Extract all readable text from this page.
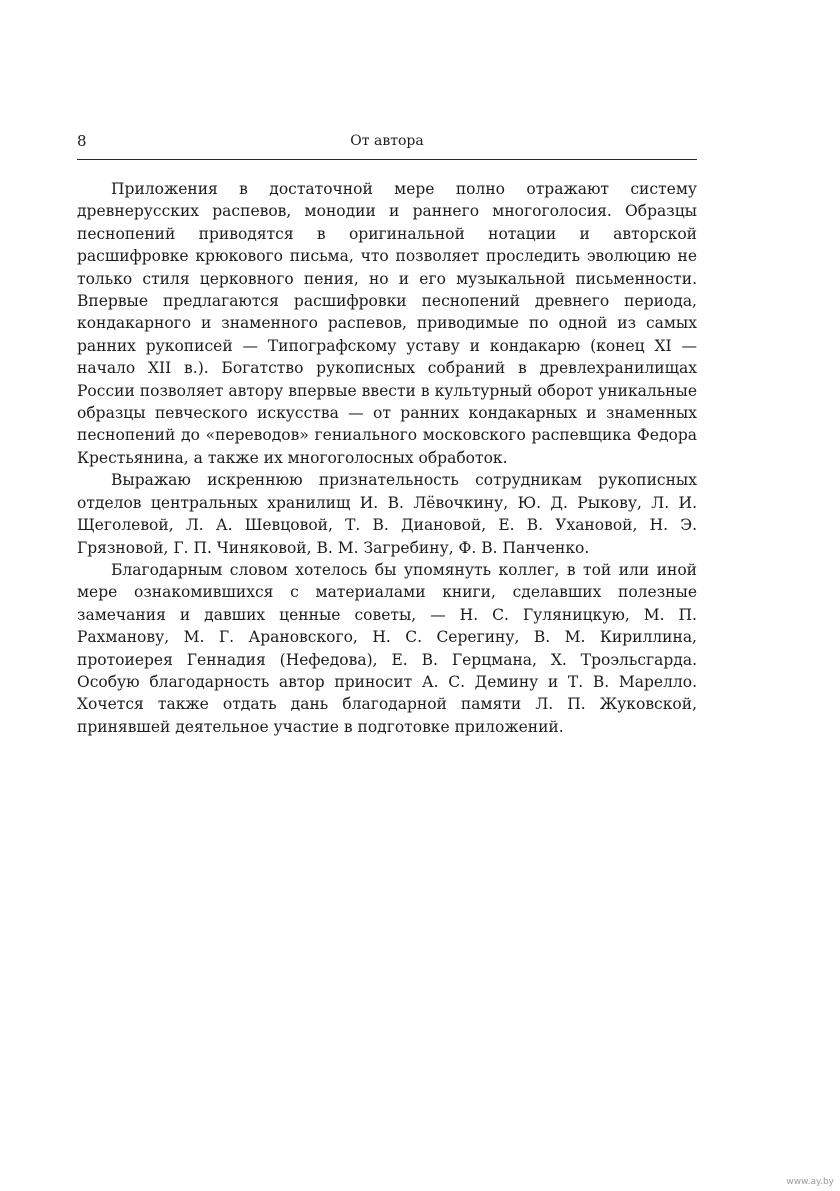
8	От автора

Приложения в достаточной мере полно отражают систему древнерусских распевов, монодии и раннего многоголосия. Образцы песнопений приводятся в оригинальной нотации и авторской расшифровке крюкового письма, что позволяет проследить эволюцию не только стиля церковного пения, но и его музыкальной письменности. Впервые предлагаются расшифровки песнопений древнего периода, кондакарного и знаменного распевов, приводимые по одной из самых ранних рукописей — Типографскому уставу и кондакарю (конец XI — начало XII в.). Богатство рукописных собраний в древлехранилищах России позволяет автору впервые ввести в культурный оборот уникальные образцы певческого искусства — от ранних кондакарных и знаменных песнопений до «переводов» гениального московского распевщика Федора Крестьянина, а также их многоголосных обработок.

Выражаю искреннюю признательность сотрудникам рукописных отделов центральных хранилищ И. В. Лёвочкину, Ю. Д. Рыкову, Л. И. Щеголевой, Л. А. Шевцовой, Т. В. Диановой, Е. В. Ухановой, Н. Э. Грязновой, Г. П. Чиняковой, В. М. Загребину, Ф. В. Панченко.

Благодарным словом хотелось бы упомянуть коллег, в той или иной мере ознакомившихся с материалами книги, сделавших полезные замечания и давших ценные советы, — Н. С. Гуляницкую, М. П. Рахманову, М. Г. Арановского, Н. С. Серегину, В. М. Кириллина, протоиерея Геннадия (Нефедова), Е. В. Герцмана, Х. Троэльсгарда. Особую благодарность автор приносит А. С. Демину и Т. В. Марелло. Хочется также отдать дань благодарной памяти Л. П. Жуковской, принявшей деятельное участие в подготовке приложений.

www.ay.by
